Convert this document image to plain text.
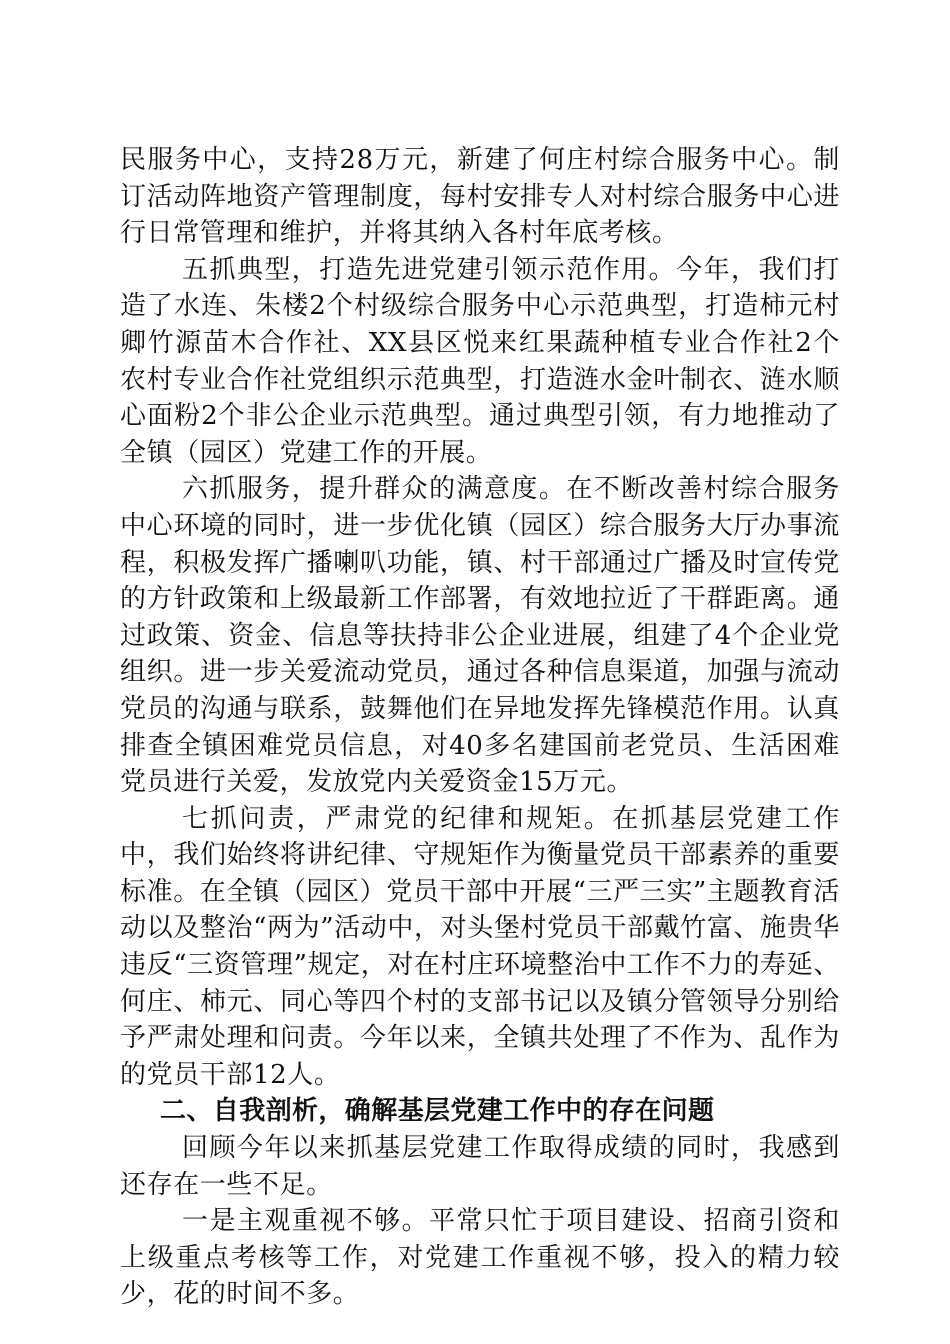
民服务中心，支持28万元，新建了何庄村综合服务中心。制订活动阵地资产管理制度，每村安排专人对村综合服务中心进行日常管理和维护，并将其纳入各村年底考核。

五抓典型，打造先进党建引领示范作用。今年，我们打造了水连、朱楼2个村级综合服务中心示范典型，打造柿元村卿竹源苗木合作社、XX县区悦来红果蔬种植专业合作社2个农村专业合作社党组织示范典型，打造涟水金叶制衣、涟水顺心面粉2个非公企业示范典型。通过典型引领，有力地推动了全镇（园区）党建工作的开展。

六抓服务，提升群众的满意度。在不断改善村综合服务中心环境的同时，进一步优化镇（园区）综合服务大厅办事流程，积极发挥广播喇叭功能，镇、村干部通过广播及时宣传党的方针政策和上级最新工作部署，有效地拉近了干群距离。通过政策、资金、信息等扶持非公企业进展，组建了4个企业党组织。进一步关爱流动党员，通过各种信息渠道，加强与流动党员的沟通与联系，鼓舞他们在异地发挥先锋模范作用。认真排查全镇困难党员信息，对40多名建国前老党员、生活困难党员进行关爱，发放党内关爱资金15万元。

七抓问责，严肃党的纪律和规矩。在抓基层党建工作中，我们始终将讲纪律、守规矩作为衡量党员干部素养的重要标准。在全镇（园区）党员干部中开展“三严三实”主题教育活动以及整治“两为”活动中，对头堡村党员干部戴竹富、施贵华违反“三资管理”规定，对在村庄环境整治中工作不力的寿延、何庄、柿元、同心等四个村的支部书记以及镇分管领导分别给予严肃处理和问责。今年以来，全镇共处理了不作为、乱作为的党员干部12人。

二、自我剖析，确解基层党建工作中的存在问题

回顾今年以来抓基层党建工作取得成绩的同时，我感到还存在一些不足。

一是主观重视不够。平常只忙于项目建设、招商引资和上级重点考核等工作，对党建工作重视不够，投入的精力较少，花的时间不多。
